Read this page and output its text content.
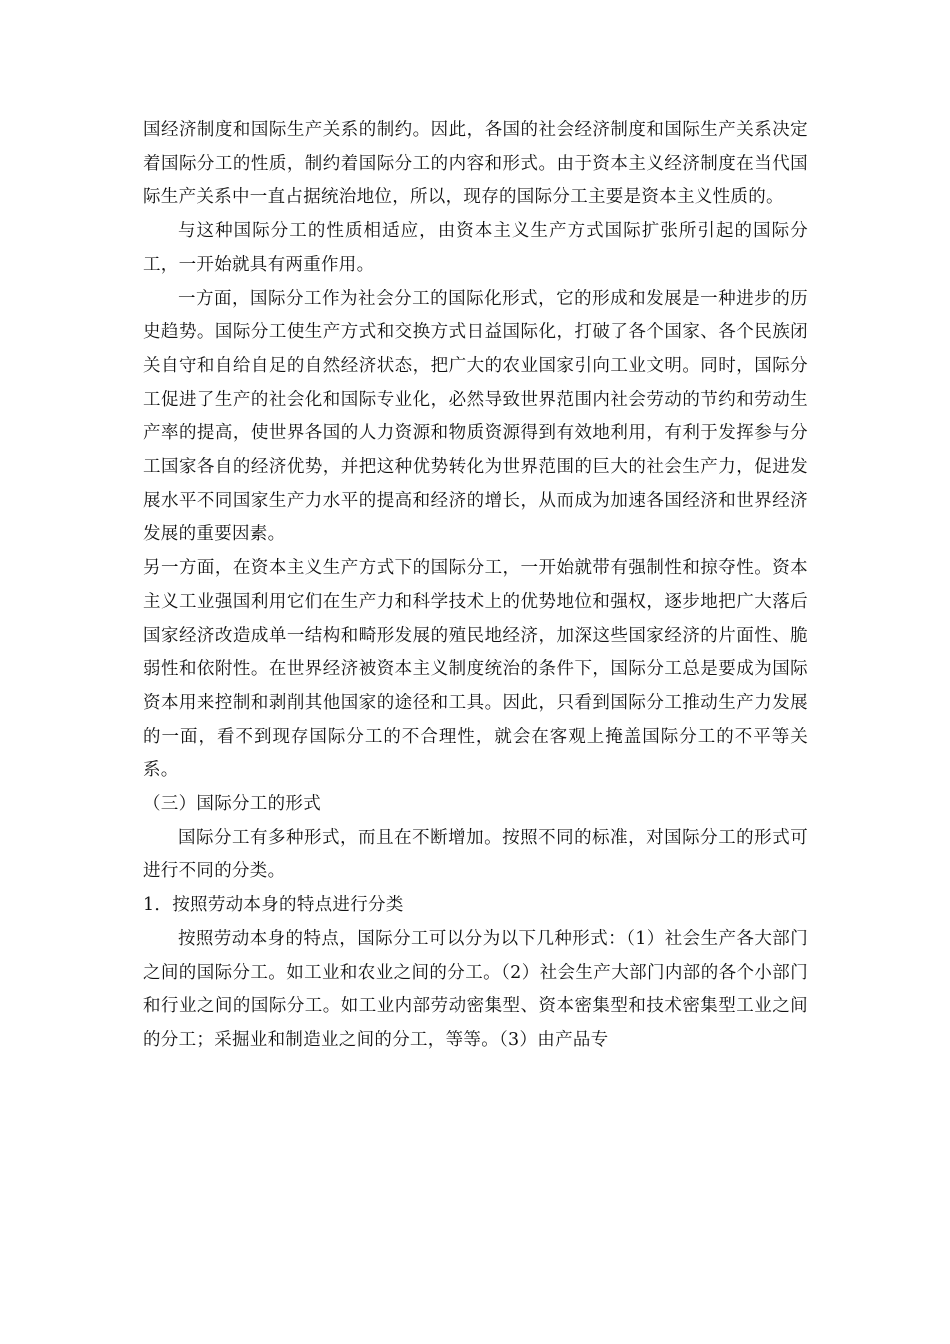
国经济制度和国际生产关系的制约。因此，各国的社会经济制度和国际生产关系决定着国际分工的性质，制约着国际分工的内容和形式。由于资本主义经济制度在当代国际生产关系中一直占据统治地位，所以，现存的国际分工主要是资本主义性质的。

与这种国际分工的性质相适应，由资本主义生产方式国际扩张所引起的国际分工，一开始就具有两重作用。

一方面，国际分工作为社会分工的国际化形式，它的形成和发展是一种进步的历史趋势。国际分工使生产方式和交换方式日益国际化，打破了各个国家、各个民族闭关自守和自给自足的自然经济状态，把广大的农业国家引向工业文明。同时，国际分工促进了生产的社会化和国际专业化，必然导致世界范围内社会劳动的节约和劳动生产率的提高，使世界各国的人力资源和物质资源得到有效地利用，有利于发挥参与分工国家各自的经济优势，并把这种优势转化为世界范围的巨大的社会生产力，促进发展水平不同国家生产力水平的提高和经济的增长，从而成为加速各国经济和世界经济发展的重要因素。

另一方面，在资本主义生产方式下的国际分工，一开始就带有强制性和掠夺性。资本主义工业强国利用它们在生产力和科学技术上的优势地位和强权，逐步地把广大落后国家经济改造成单一结构和畸形发展的殖民地经济，加深这些国家经济的片面性、脆弱性和依附性。在世界经济被资本主义制度统治的条件下，国际分工总是要成为国际资本用来控制和剥削其他国家的途径和工具。因此，只看到国际分工推动生产力发展的一面，看不到现存国际分工的不合理性，就会在客观上掩盖国际分工的不平等关系。

（三）国际分工的形式

国际分工有多种形式，而且在不断增加。按照不同的标准，对国际分工的形式可进行不同的分类。

1．按照劳动本身的特点进行分类

按照劳动本身的特点，国际分工可以分为以下几种形式：（1）社会生产各大部门之间的国际分工。如工业和农业之间的分工。（2）社会生产大部门内部的各个小部门和行业之间的国际分工。如工业内部劳动密集型、资本密集型和技术密集型工业之间的分工；采掘业和制造业之间的分工，等等。（3）由产品专
